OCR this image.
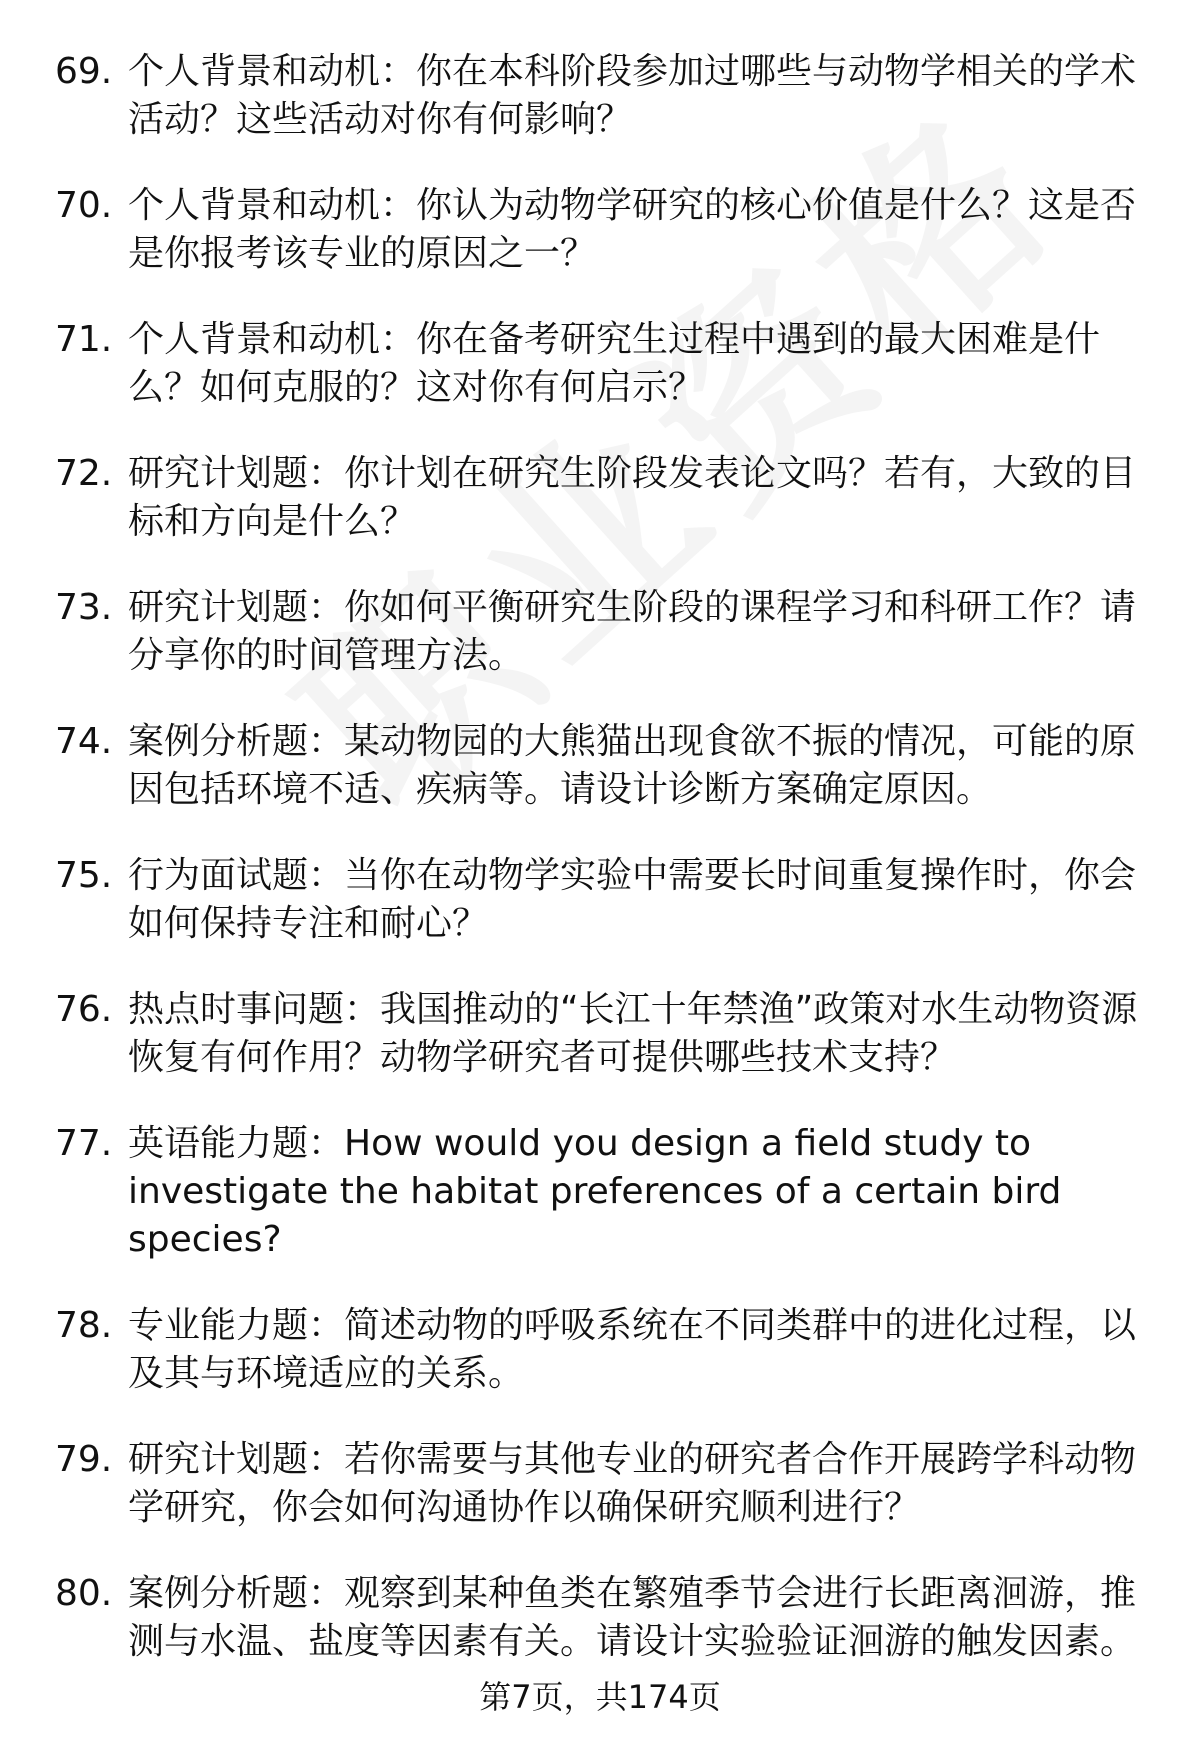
69. 个人背景和动机：你在本科阶段参加过哪些与动物学相关的学术活动？这些活动对你有何影响？
70. 个人背景和动机：你认为动物学研究的核心价值是什么？这是否是你报考该专业的原因之一？
71. 个人背景和动机：你在备考研究生过程中遇到的最大困难是什么？如何克服的？这对你有何启示？
72. 研究计划题：你计划在研究生阶段发表论文吗？若有，大致的目标和方向是什么？
73. 研究计划题：你如何平衡研究生阶段的课程学习和科研工作？请分享你的时间管理方法。
74. 案例分析题：某动物园的大熊猫出现食欲不振的情况，可能的原因包括环境不适、疾病等。请设计诊断方案确定原因。
75. 行为面试题：当你在动物学实验中需要长时间重复操作时，你会如何保持专注和耐心？
76. 热点时事问题：我国推动的“长江十年禁渔”政策对水生动物资源恢复有何作用？动物学研究者可提供哪些技术支持？
77. 英语能力题：How would you design a field study to investigate the habitat preferences of a certain bird species?
78. 专业能力题：简述动物的呼吸系统在不同类群中的进化过程，以及其与环境适应的关系。
79. 研究计划题：若你需要与其他专业的研究者合作开展跨学科动物学研究，你会如何沟通协作以确保研究顺利进行？
80. 案例分析题：观察到某种鱼类在繁殖季节会进行长距离洄游，推测与水温、盐度等因素有关。请设计实验验证洄游的触发因素。
第7页，共174页
